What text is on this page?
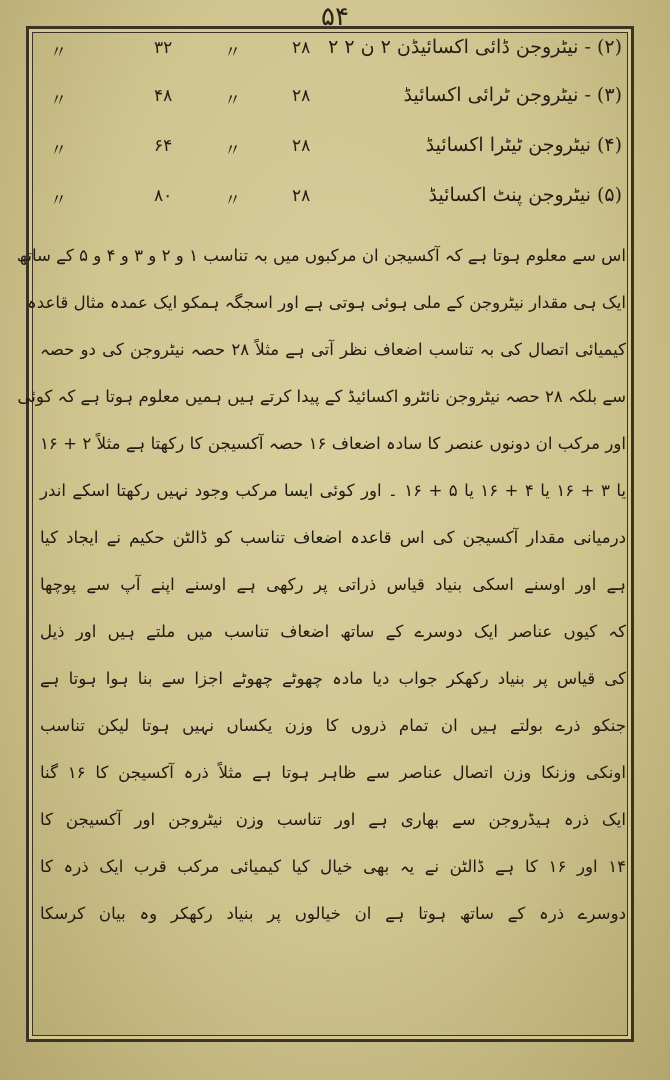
۵۴
(۲) - نیٹروجن ڈائی اکسائیڈن ۲ ن ۲ ۲
۲۸
〃
۳۲
〃
(۳) - نیٹروجن ٹرائی اکسائیڈ
۲۸
〃
۴۸
〃
(۴) نیٹروجن ٹیٹرا اکسائیڈ
۲۸
〃
۶۴
〃
(۵) نیٹروجن پنٹ اکسائیڈ
۲۸
〃
۸۰
〃
اس سے معلوم ہوتا ہے کہ آکسیجن ان مرکبوں میں بہ تناسب ۱ و ۲ و ۳ و ۴ و ۵ کے ساتھ
ایک ہی مقدار نیٹروجن کے ملی ہوئی ہوتی ہے اور اسجگہ ہمکو ایک عمدہ مثال قاعدہ
کیمیائی اتصال کی بہ تناسب اضعاف نظر آتی ہے مثلاً ۲۸ حصہ نیٹروجن کی دو حصہ
سے بلکہ ۲۸ حصہ نیٹروجن نائٹرو اکسائیڈ کے پیدا کرتے ہیں ہمیں معلوم ہوتا ہے کہ کوئی
اور مرکب ان دونوں عنصر کا سادہ اضعاف ۱۶ حصہ آکسیجن کا رکھتا ہے مثلاً ۲ + ۱۶
یا ۳ + ۱۶ یا ۴ + ۱۶ یا ۵ + ۱۶ ۔ اور کوئی ایسا مرکب وجود نہیں رکھتا اسکے اندر
درمیانی مقدار آکسیجن کی اس قاعدہ اضعاف تناسب کو ڈالٹن حکیم نے ایجاد کیا
ہے اور اوسنے اسکی بنیاد قیاس ذراتی پر رکھی ہے اوسنے اپنے آپ سے پوچھا
کہ کیوں عناصر ایک دوسرے کے ساتھ اضعاف تناسب میں ملتے ہیں اور ذیل
کی قیاس پر بنیاد رکھکر جواب دیا مادہ چھوٹے چھوٹے اجزا سے بنا ہوا ہوتا ہے
جنکو ذرے بولتے ہیں ان تمام ذروں کا وزن یکساں نہیں ہوتا لیکن تناسب
اونکی وزنکا وزن اتصال عناصر سے ظاہر ہوتا ہے مثلاً ذرہ آکسیجن کا ۱۶ گنا
ایک ذرہ ہیڈروجن سے بھاری ہے اور تناسب وزن نیٹروجن اور آکسیجن کا
۱۴ اور ۱۶ کا ہے ڈالٹن نے یہ بھی خیال کیا کیمیائی مرکب قرب ایک ذرہ کا
دوسرے ذرہ کے ساتھ ہوتا ہے ان خیالوں پر بنیاد رکھکر وہ بیان کرسکا
